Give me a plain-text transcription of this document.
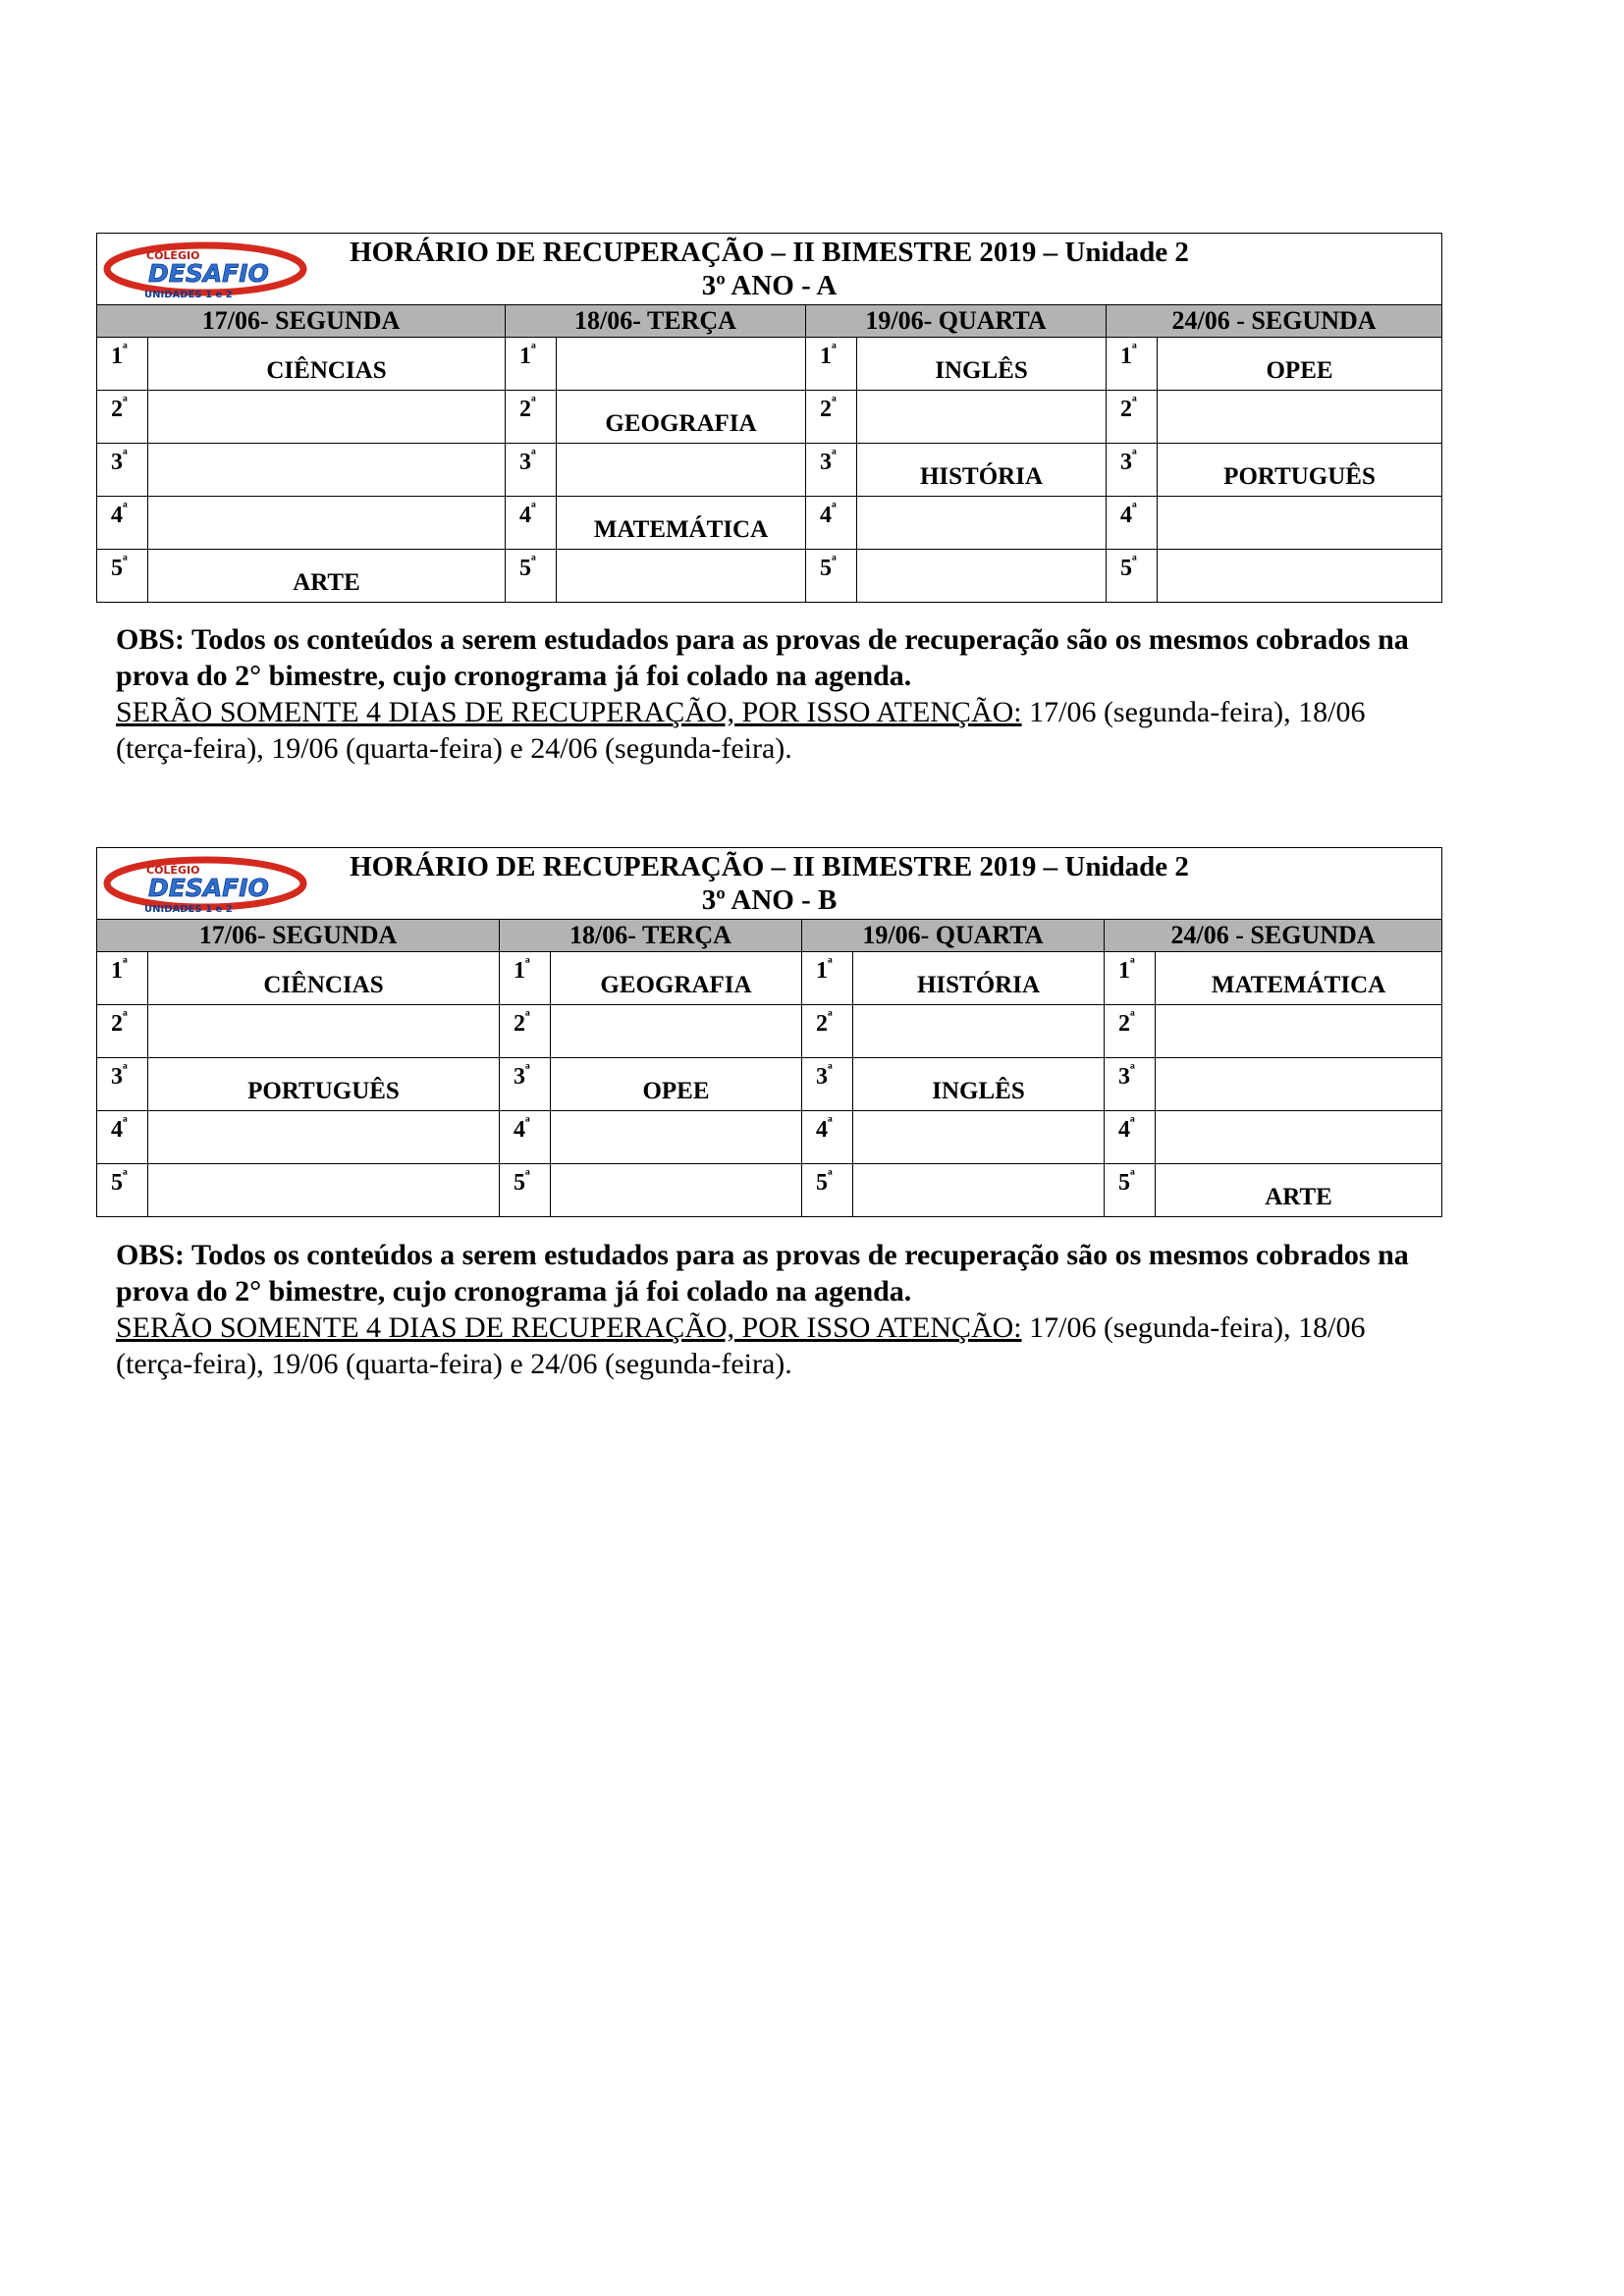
COLÉGIO
DESAFIO
UNIDADES 1 e 2
HORÁRIO DE RECUPERAÇÃO – II BIMESTRE 2019 – Unidade 2
3º ANO - A							

17/06- SEGUNDA		18/06- TERÇA		19/06- QUARTA		24/06 - SEGUNDA	
$1^ª$	CIÊNCIAS	$1^ª$		$1^ª$	INGLÊS	$1^ª$	OPEE
$2^ª$		$2^ª$	GEOGRAFIA	$2^ª$		$2^ª$	
$3^ª$		$3^ª$		$3^ª$	HISTÓRIA	$3^ª$	PORTUGUÊS
$4^ª$		$4^ª$	MATEMÁTICA	$4^ª$		$4^ª$	
$5^ª$	ARTE	$5^ª$		$5^ª$		$5^ª$	
OBS: Todos os conteúdos a serem estudados para as provas de recuperação são os mesmos cobrados na prova do 2° bimestre, cujo cronograma já foi colado na agenda.
SERÃO SOMENTE 4 DIAS DE RECUPERAÇÃO, POR ISSO ATENÇÃO: 17/06 (segunda-feira), 18/06 (terça-feira), 19/06 (quarta-feira) e 24/06 (segunda-feira).
COLÉGIO
DESAFIO
UNIDADES 1 e 2
HORÁRIO DE RECUPERAÇÃO – II BIMESTRE 2019 – Unidade 2
3º ANO - B							

17/06- SEGUNDA		18/06- TERÇA		19/06- QUARTA		24/06 - SEGUNDA	
$1^ª$	CIÊNCIAS	$1^ª$	GEOGRAFIA	$1^ª$	HISTÓRIA	$1^ª$	MATEMÁTICA
$2^ª$		$2^ª$		$2^ª$		$2^ª$	
$3^ª$	PORTUGUÊS	$3^ª$	OPEE	$3^ª$	INGLÊS	$3^ª$	
$4^ª$		$4^ª$		$4^ª$		$4^ª$	
$5^ª$		$5^ª$		$5^ª$		$5^ª$	ARTE
OBS: Todos os conteúdos a serem estudados para as provas de recuperação são os mesmos cobrados na prova do 2° bimestre, cujo cronograma já foi colado na agenda.
SERÃO SOMENTE 4 DIAS DE RECUPERAÇÃO, POR ISSO ATENÇÃO: 17/06 (segunda-feira), 18/06 (terça-feira), 19/06 (quarta-feira) e 24/06 (segunda-feira).
